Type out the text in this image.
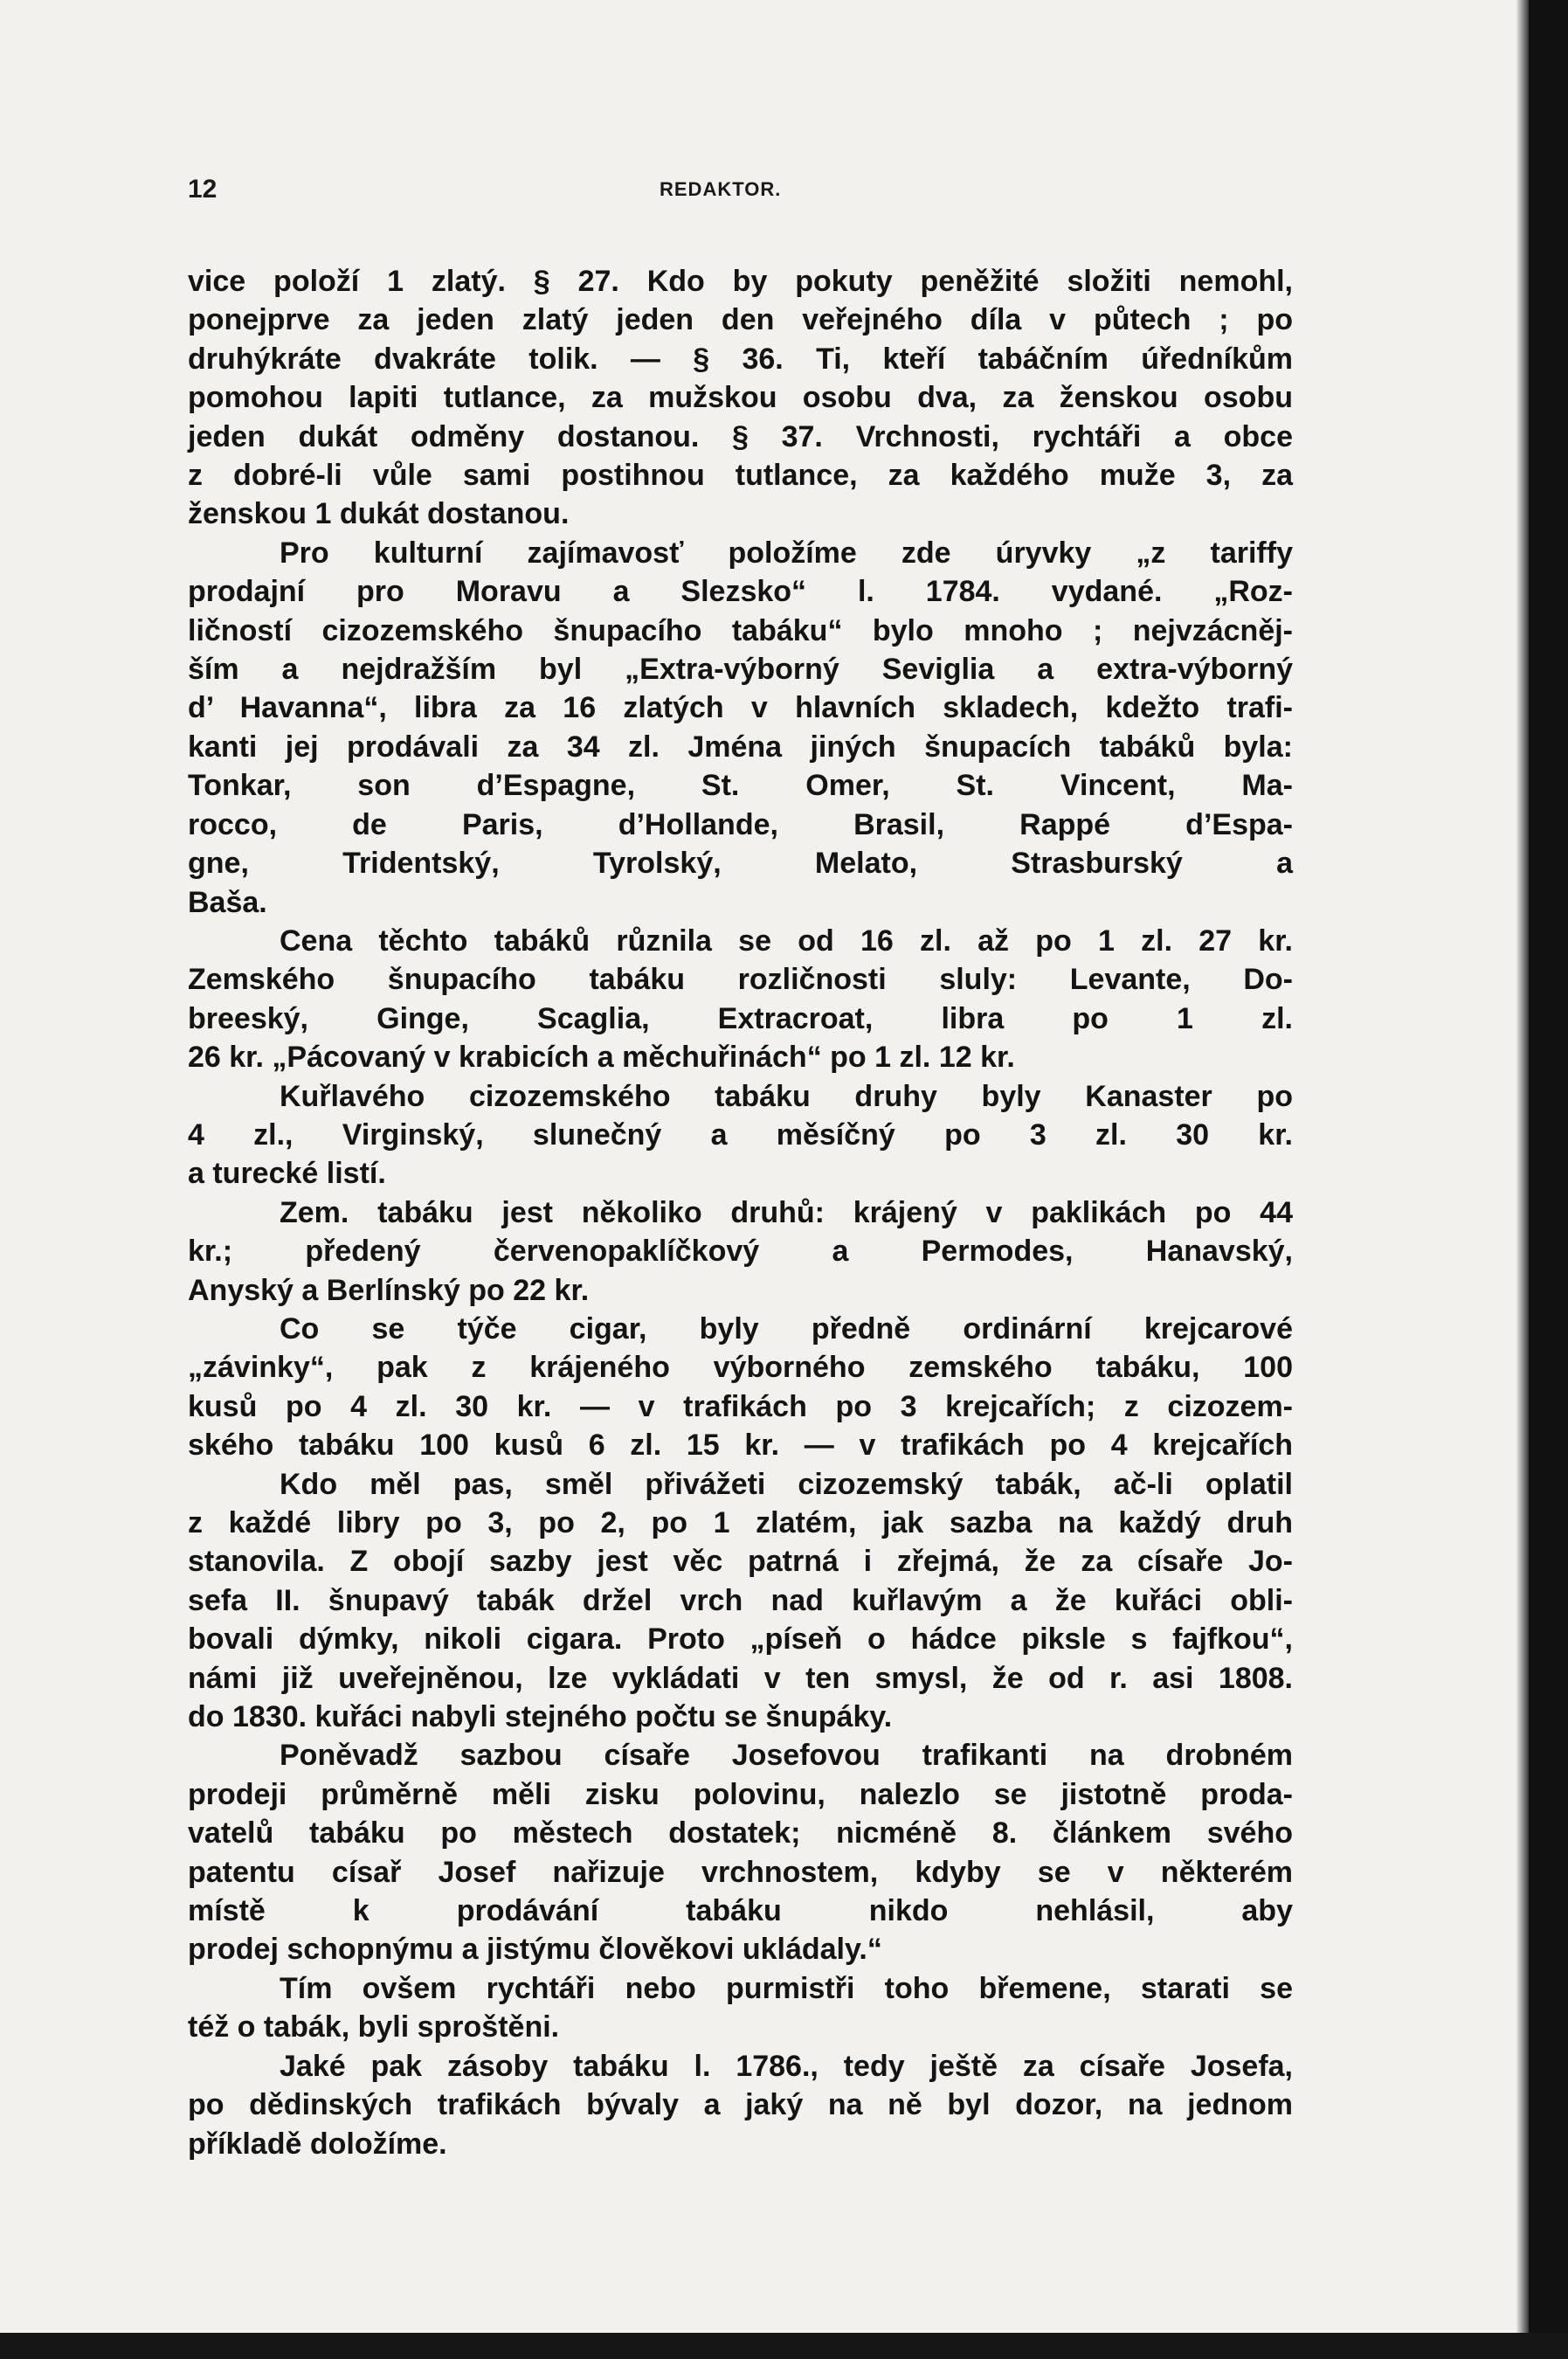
12	REDAKTOR.
vice položí 1 zlatý. § 27. Kdo by pokuty peněžité složiti nemohl,
ponejprve za jeden zlatý jeden den veřejného díla v půtech ; po
druhýkráte dvakráte tolik. — § 36. Ti, kteří tabáčním úředníkům
pomohou lapiti tutlance, za mužskou osobu dva, za ženskou osobu
jeden dukát odměny dostanou. § 37. Vrchnosti, rychtáři a obce
z dobré-li vůle sami postihnou tutlance, za každého muže 3, za
ženskou 1 dukát dostanou.
Pro kulturní zajímavosť položíme zde úryvky „z tariffy
prodajní pro Moravu a Slezsko“ l. 1784. vydané. „Roz-
ličností cizozemského šnupacího tabáku“ bylo mnoho ; nejvzácněj-
ším a nejdražším byl „Extra-výborný Seviglia a extra-výborný
d’ Havanna“, libra za 16 zlatých v hlavních skladech, kdežto trafi-
kanti jej prodávali za 34 zl. Jména jiných šnupacích tabáků byla:
Tonkar, son d’Espagne, St. Omer, St. Vincent, Ma-
rocco, de Paris, d’Hollande, Brasil, Rappé d’Espa-
gne, Tridentský, Tyrolský, Melato, Strasburský a
Baša.
Cena těchto tabáků různila se od 16 zl. až po 1 zl. 27 kr.
Zemského šnupacího tabáku rozličnosti sluly: Levante, Do-
breeský, Ginge, Scaglia, Extracroat, libra po 1 zl.
26 kr. „Pácovaný v krabicích a měchuřinách“ po 1 zl. 12 kr.
Kuřlavého cizozemského tabáku druhy byly Kanaster po
4 zl., Virginský, slunečný a měsíčný po 3 zl. 30 kr.
a turecké listí.
Zem. tabáku jest několiko druhů: krájený v paklikách po 44
kr.; předený červenopaklíčkový a Permodes, Hanavský,
Anyský a Berlínský po 22 kr.
Co se týče cigar, byly předně ordinární krejcarové
„závinky“, pak z krájeného výborného zemského tabáku, 100
kusů po 4 zl. 30 kr. — v trafikách po 3 krejcařích; z cizozem-
ského tabáku 100 kusů 6 zl. 15 kr. — v trafikách po 4 krejcařích
Kdo měl pas, směl přivážeti cizozemský tabák, ač-li oplatil
z každé libry po 3, po 2, po 1 zlatém, jak sazba na každý druh
stanovila. Z obojí sazby jest věc patrná i zřejmá, že za císaře Jo-
sefa II. šnupavý tabák držel vrch nad kuřlavým a že kuřáci obli-
bovali dýmky, nikoli cigara. Proto „píseň o hádce piksle s fajfkou“,
námi již uveřejněnou, lze vykládati v ten smysl, že od r. asi 1808.
do 1830. kuřáci nabyli stejného počtu se šnupáky.
Poněvadž sazbou císaře Josefovou trafikanti na drobném
prodeji průměrně měli zisku polovinu, nalezlo se jistotně proda-
vatelů tabáku po městech dostatek; nicméně 8. článkem svého
patentu císař Josef nařizuje vrchnostem, kdyby se v některém
místě k prodávání tabáku nikdo nehlásil, aby
prodej schopnýmu a jistýmu člověkovi ukládaly.“
Tím ovšem rychtáři nebo purmistři toho břemene, starati se
též o tabák, byli sproštěni.
Jaké pak zásoby tabáku l. 1786., tedy ještě za císaře Josefa,
po dědinských trafikách bývaly a jaký na ně byl dozor, na jednom
příkladě doložíme.
